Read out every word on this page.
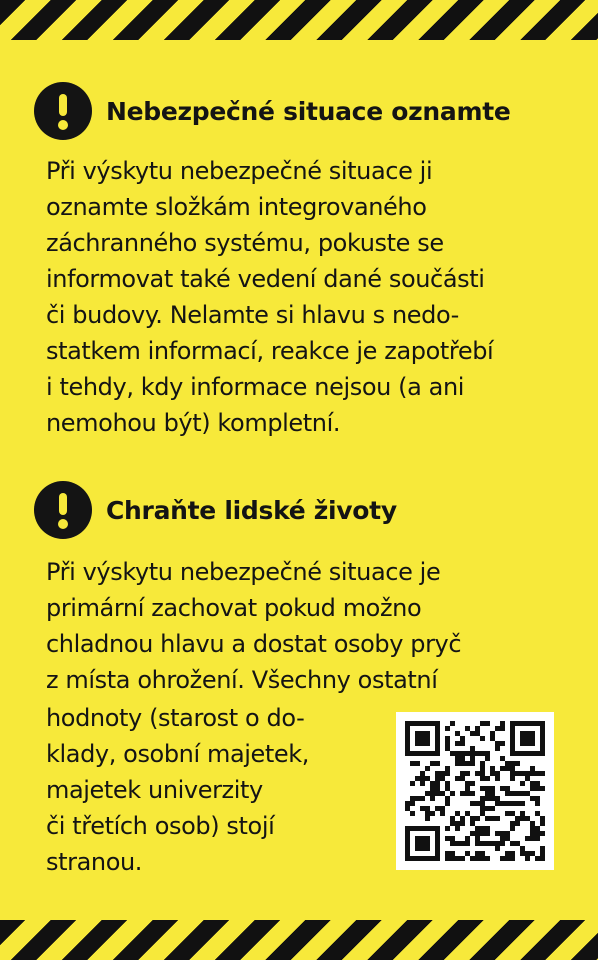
Nebezpečné situace oznamte

Při výskytu nebezpečné situace ji
oznamte složkám integrovaného
záchranného systému, pokuste se
informovat také vedení dané součásti
či budovy. Nelamte si hlavu s nedo-
statkem informací, reakce je zapotřebí
i tehdy, kdy informace nejsou (a ani
nemohou být) kompletní.

Chraňte lidské životy

Při výskytu nebezpečné situace je
primární zachovat pokud možno
chladnou hlavu a dostat osoby pryč
z místa ohrožení. Všechny ostatní

hodnoty (starost o do-
klady, osobní majetek,
majetek univerzity
či třetích osob) stojí
stranou.
